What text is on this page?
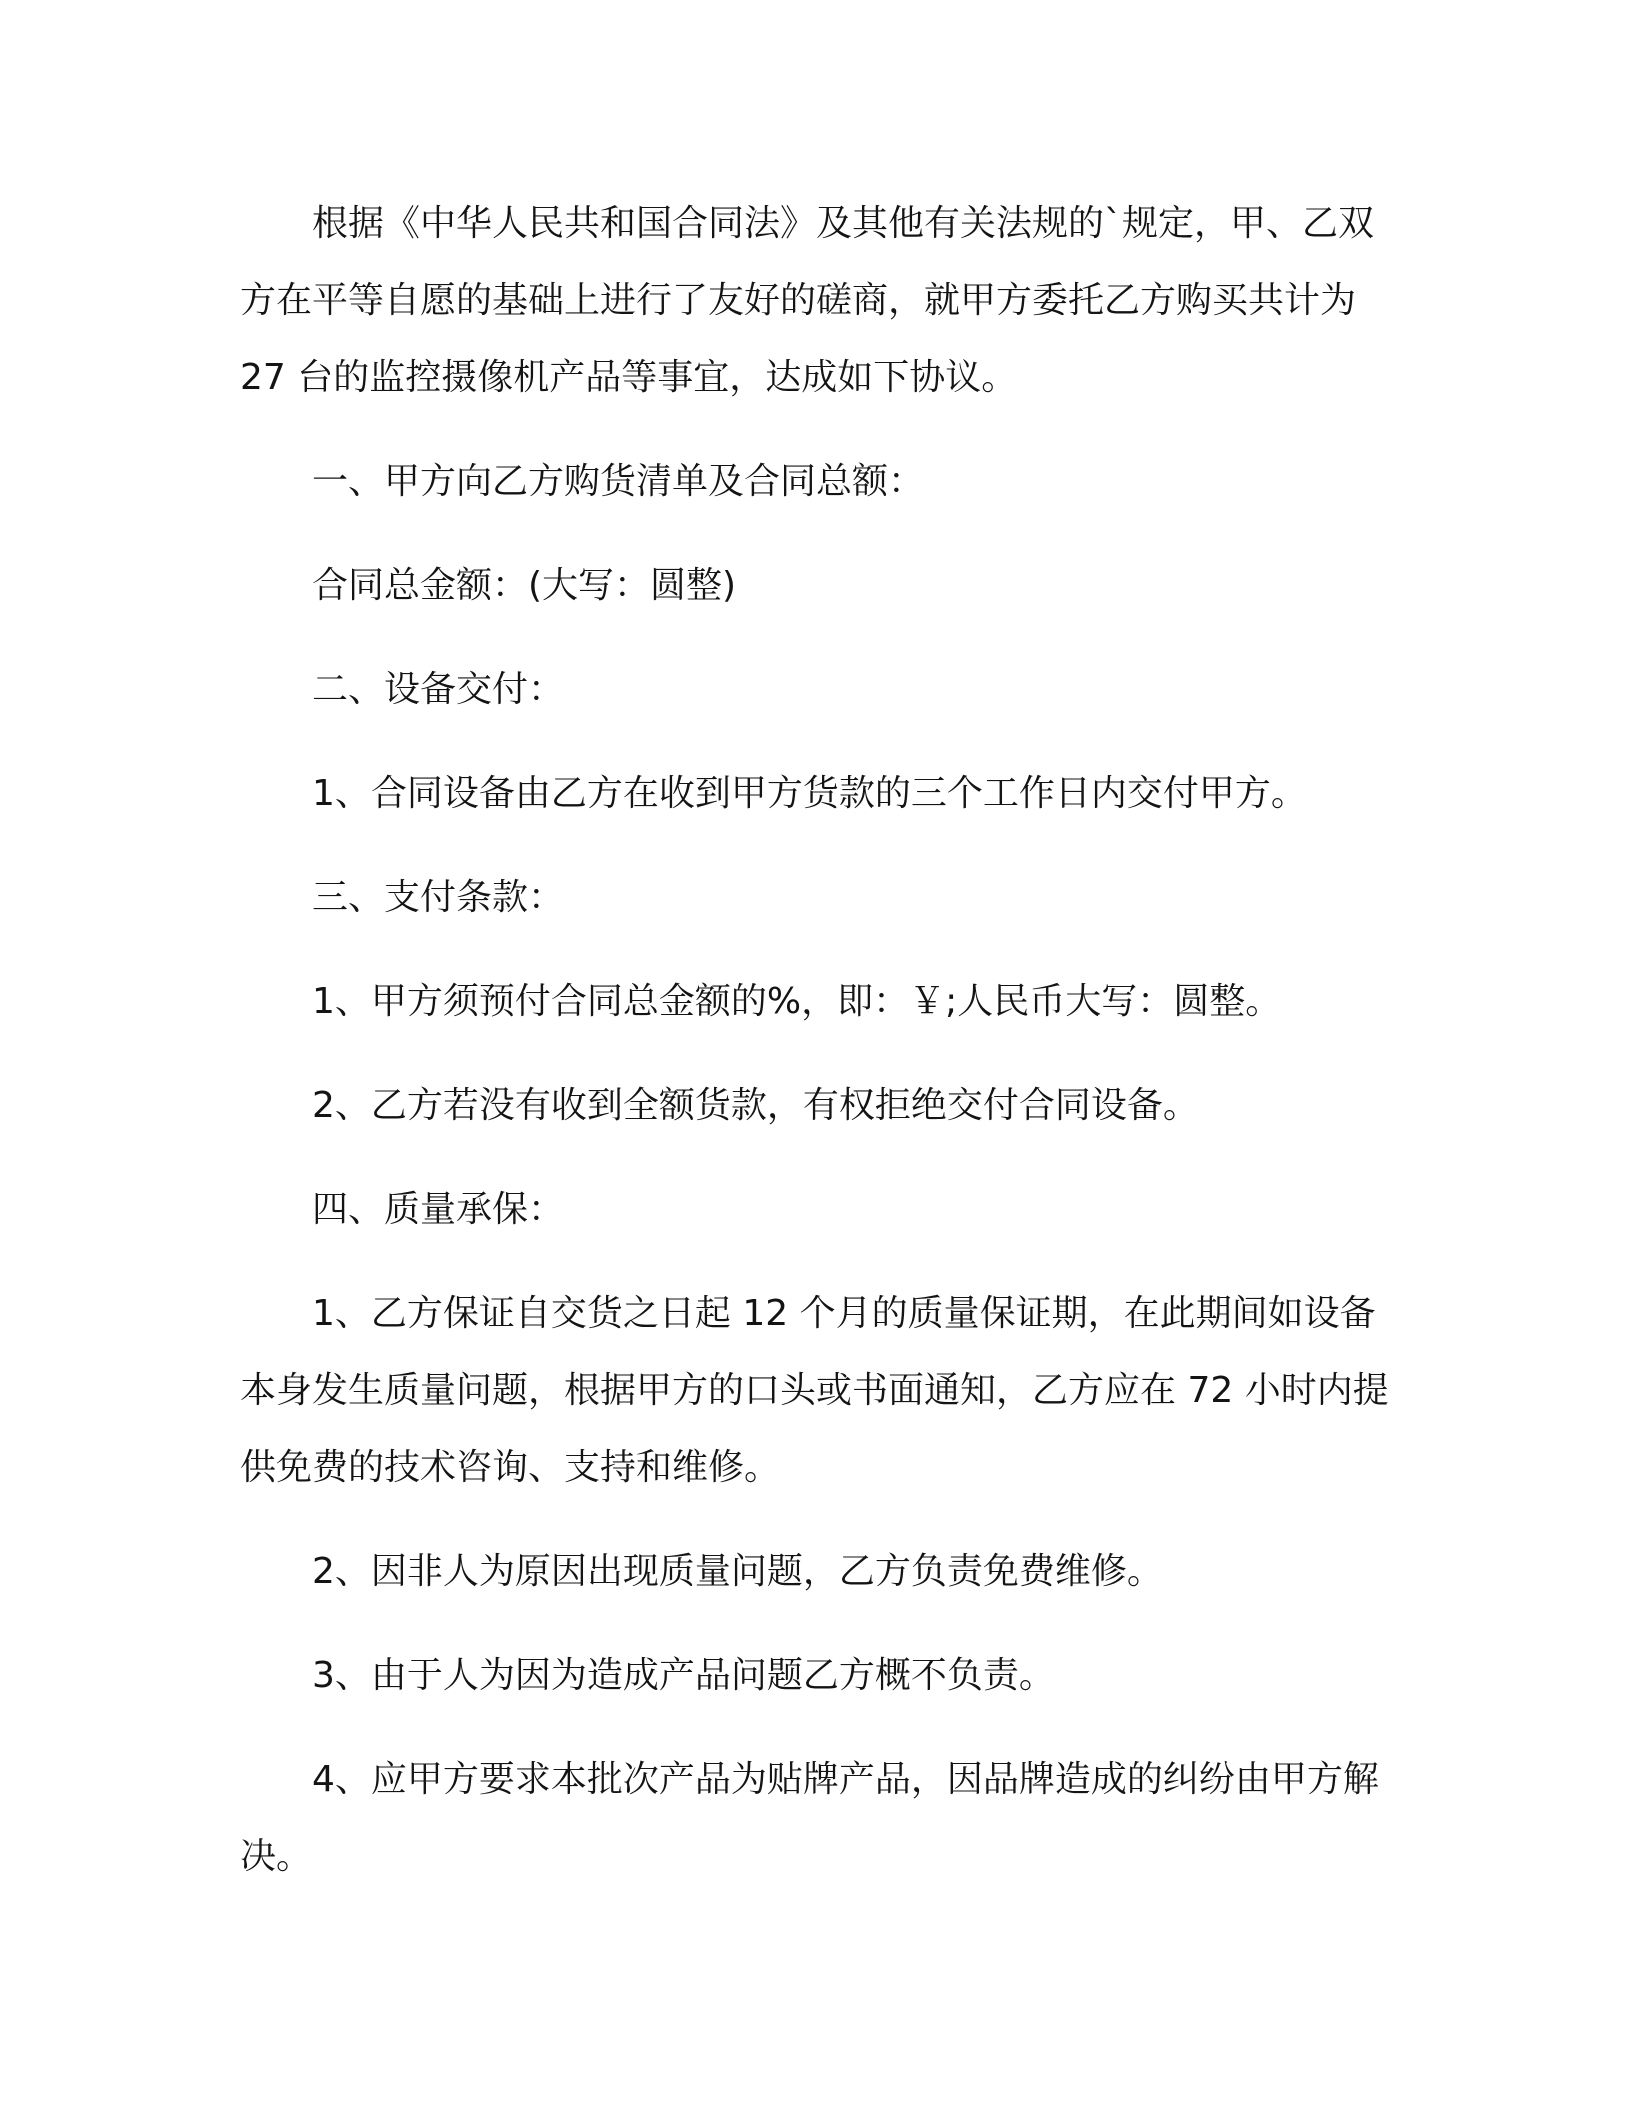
根据《中华人民共和国合同法》及其他有关法规的`规定，甲、乙双方在平等自愿的基础上进行了友好的磋商，就甲方委托乙方购买共计为 27 台的监控摄像机产品等事宜，达成如下协议。

一、甲方向乙方购货清单及合同总额：

合同总金额：(大写：圆整)

二、设备交付：

1、合同设备由乙方在收到甲方货款的三个工作日内交付甲方。

三、支付条款：

1、甲方须预付合同总金额的%，即：￥;人民币大写：圆整。

2、乙方若没有收到全额货款，有权拒绝交付合同设备。

四、质量承保：

1、乙方保证自交货之日起 12 个月的质量保证期，在此期间如设备本身发生质量问题，根据甲方的口头或书面通知，乙方应在 72 小时内提供免费的技术咨询、支持和维修。

2、因非人为原因出现质量问题，乙方负责免费维修。

3、由于人为因为造成产品问题乙方概不负责。

4、应甲方要求本批次产品为贴牌产品，因品牌造成的纠纷由甲方解决。
